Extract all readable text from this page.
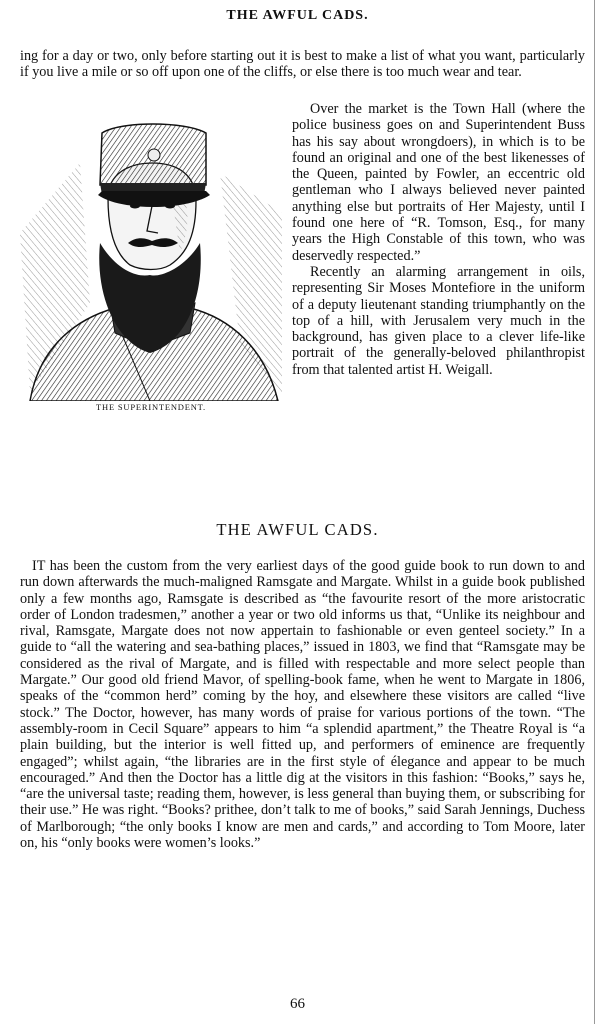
THE AWFUL CADS.
ing for a day or two, only before starting out it is best to make a list of what you want, particularly if you live a mile or so off upon one of the cliffs, or else there is too much wear and tear.
THE SUPERINTENDENT.

Over the market is the Town Hall (where the police business goes on and Superintendent Buss has his say about wrongdoers), in which is to be found an original and one of the best likenesses of the Queen, painted by Fowler, an eccentric old gentleman who I always believed never painted anything else but portraits of Her Majesty, until I found one here of “R. Tomson, Esq., for many years the High Constable of this town, who was deservedly respected.”

Recently an alarming arrangement in oils, representing Sir Moses Montefiore in the uniform of a deputy lieutenant standing triumphantly on the top of a hill, with Jerusalem very much in the background, has given place to a clever life-like portrait of the generally-beloved philanthropist from that talented artist H. Weigall.

THE AWFUL CADS.
IT has been the custom from the very earliest days of the good guide book to run down to and run down afterwards the much-maligned Ramsgate and Margate. Whilst in a guide book published only a few months ago, Ramsgate is described as “the favourite resort of the more aristocratic order of London tradesmen,” another a year or two old informs us that, “Unlike its neighbour and rival, Ramsgate, Margate does not now appertain to fashionable or even genteel society.” In a guide to “all the watering and sea-bathing places,” issued in 1803, we find that “Ramsgate may be considered as the rival of Margate, and is filled with respectable and more select people than Margate.” Our good old friend Mavor, of spelling-book fame, when he went to Margate in 1806, speaks of the “common herd” coming by the hoy, and elsewhere these visitors are called “live stock.” The Doctor, however, has many words of praise for various portions of the town. “The assembly-room in Cecil Square” appears to him “a splendid apartment,” the Theatre Royal is “a plain building, but the interior is well fitted up, and performers of eminence are frequently engaged”; whilst again, “the libraries are in the first style of élegance and appear to be much encouraged.” And then the Doctor has a little dig at the visitors in this fashion: “Books,” says he, “are the universal taste; reading them, however, is less general than buying them, or subscribing for their use.” He was right. “Books? prithee, don’t talk to me of books,” said Sarah Jennings, Duchess of Marlborough; “the only books I know are men and cards,” and according to Tom Moore, later on, his “only books were women’s looks.”
66
